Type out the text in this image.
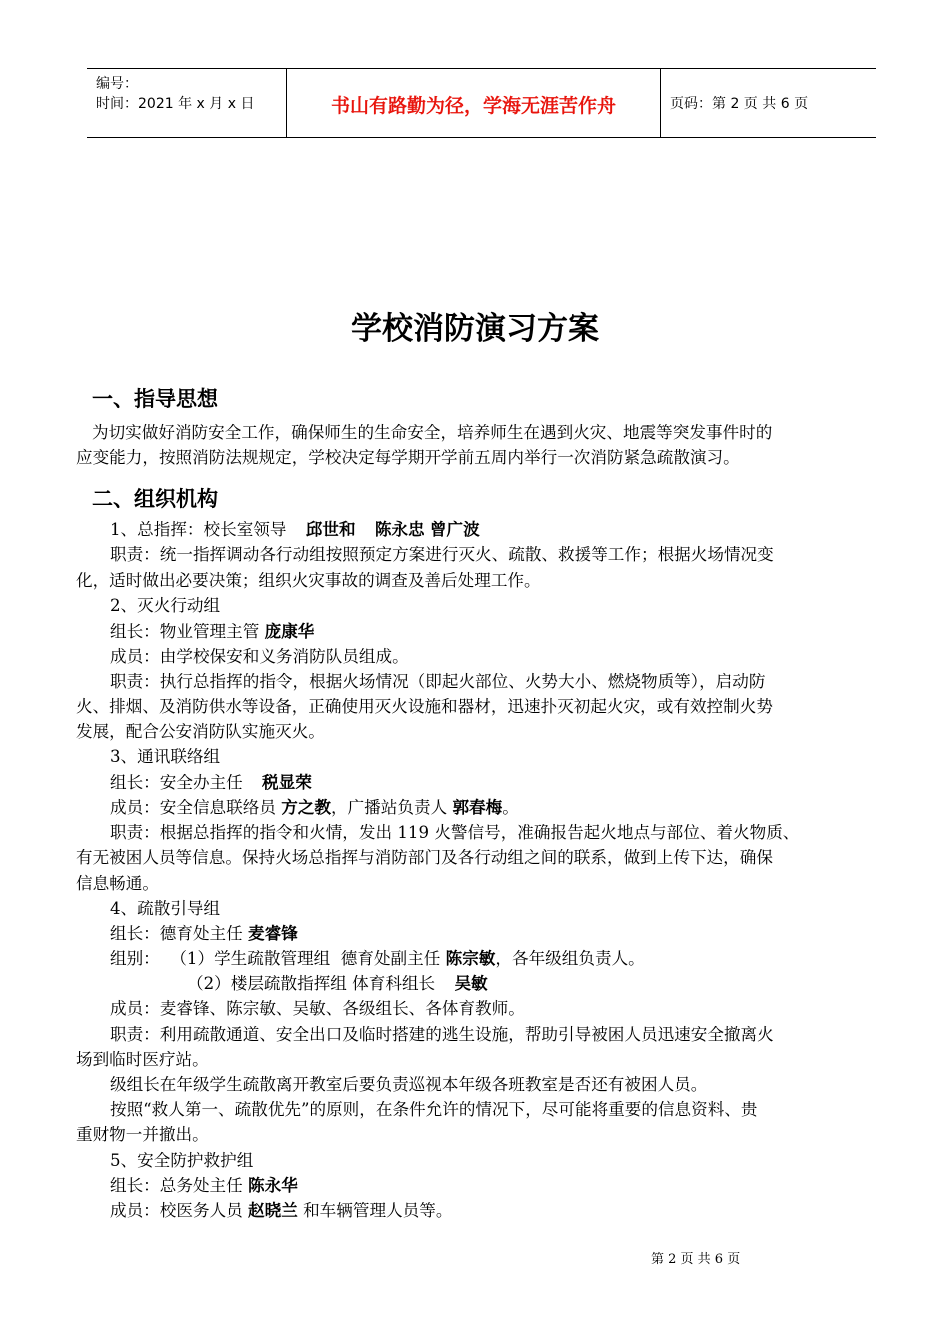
编号：
时间：2021 年 x 月 x 日	书山有路勤为径，学海无涯苦作舟	页码：第 2 页 共 6 页
学校消防演习方案
一、指导思想
为切实做好消防安全工作，确保师生的生命安全，培养师生在遇到火灾、地震等突发事件时的
应变能力，按照消防法规规定，学校决定每学期开学前五周内举行一次消防紧急疏散演习。
二、组织机构
1、总指挥：校长室领导 邱世和 陈永忠 曾广波
职责：统一指挥调动各行动组按照预定方案进行灭火、疏散、救援等工作；根据火场情况变
化，适时做出必要决策；组织火灾事故的调查及善后处理工作。
2、灭火行动组
组长：物业管理主管 庞康华
成员：由学校保安和义务消防队员组成。
职责：执行总指挥的指令，根据火场情况（即起火部位、火势大小、燃烧物质等），启动防
火、排烟、及消防供水等设备，正确使用灭火设施和器材，迅速扑灭初起火灾，或有效控制火势
发展，配合公安消防队实施灭火。
3、通讯联络组
组长：安全办主任 税显荣
成员：安全信息联络员 方之教，广播站负责人 郭春梅。
职责：根据总指挥的指令和火情，发出 119 火警信号，准确报告起火地点与部位、着火物质、
有无被困人员等信息。保持火场总指挥与消防部门及各行动组之间的联系，做到上传下达，确保
信息畅通。
4、疏散引导组
组长：德育处主任 麦睿锋
组别：  （1）学生疏散管理组  德育处副主任 陈宗敏，各年级组负责人。
（2）楼层疏散指挥组 体育科组长 吴敏
成员：麦睿锋、陈宗敏、吴敏、各级组长、各体育教师。
职责：利用疏散通道、安全出口及临时搭建的逃生设施，帮助引导被困人员迅速安全撤离火
场到临时医疗站。
级组长在年级学生疏散离开教室后要负责巡视本年级各班教室是否还有被困人员。
按照“救人第一、疏散优先”的原则，在条件允许的情况下，尽可能将重要的信息资料、贵
重财物一并撤出。
5、安全防护救护组
组长：总务处主任 陈永华
成员：校医务人员 赵晓兰 和车辆管理人员等。
第 2 页 共 6 页
